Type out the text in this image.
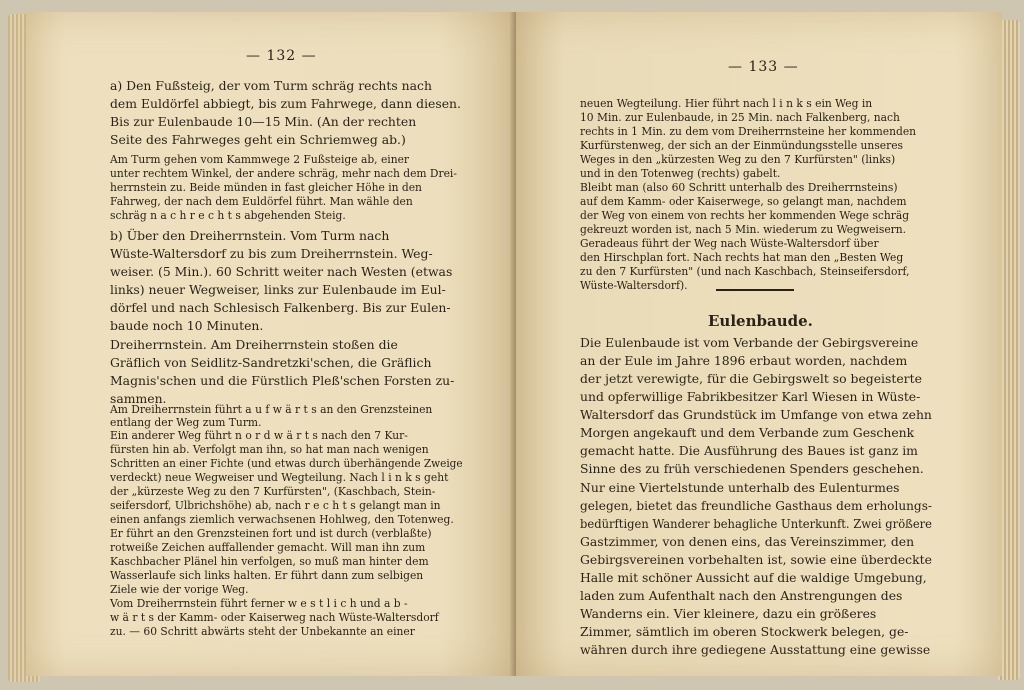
— 132 —
a) Den Fußsteig, der vom Turm schräg rechts nach
dem Euldörfel abbiegt, bis zum Fahrwege, dann diesen.
Bis zur Eulenbaude 10—15 Min. (An der rechten
Seite des Fahrweges geht ein Schriemweg ab.)
Am Turm gehen vom Kammwege 2 Fußsteige ab, einer
unter rechtem Winkel, der andere schräg, mehr nach dem Drei-
herrnstein zu. Beide münden in fast gleicher Höhe in den
Fahrweg, der nach dem Euldörfel führt. Man wähle den
schräg n a c h r e c h t s abgehenden Steig.
b) Über den Dreiherrnstein. Vom Turm nach
Wüste-Waltersdorf zu bis zum Dreiherrnstein. Weg-
weiser. (5 Min.). 60 Schritt weiter nach Westen (etwas
links) neuer Wegweiser, links zur Eulenbaude im Eul-
dörfel und nach Schlesisch Falkenberg. Bis zur Eulen-
baude noch 10 Minuten.
Dreiherrnstein. Am Dreiherrnstein stoßen die
Gräflich von Seidlitz-Sandretzki'schen, die Gräflich
Magnis'schen und die Fürstlich Pleß'schen Forsten zu-
sammen.
Am Dreiherrnstein führt a u f w ä r t s an den Grenzsteinen
entlang der Weg zum Turm.
Ein anderer Weg führt n o r d w ä r t s nach den 7 Kur-
fürsten hin ab. Verfolgt man ihn, so hat man nach wenigen
Schritten an einer Fichte (und etwas durch überhängende Zweige
verdeckt) neue Wegweiser und Wegteilung. Nach l i n k s geht
der „kürzeste Weg zu den 7 Kurfürsten", (Kaschbach, Stein-
seifersdorf, Ulbrichshöhe) ab, nach r e c h t s gelangt man in
einen anfangs ziemlich verwachsenen Hohlweg, den Totenweg.
Er führt an den Grenzsteinen fort und ist durch (verblaßte)
rotweiße Zeichen auffallender gemacht. Will man ihn zum
Kaschbacher Plänel hin verfolgen, so muß man hinter dem
Wasserlaufe sich links halten. Er führt dann zum selbigen
Ziele wie der vorige Weg.
Vom Dreiherrnstein führt ferner w e s t l i c h und a b -
w ä r t s der Kamm- oder Kaiserweg nach Wüste-Waltersdorf
zu. — 60 Schritt abwärts steht der Unbekannte an einer
— 133 —
Eulenbaude.
neuen Wegteilung. Hier führt nach l i n k s ein Weg in
10 Min. zur Eulenbaude, in 25 Min. nach Falkenberg, nach
rechts in 1 Min. zu dem vom Dreiherrnsteine her kommenden
Kurfürstenweg, der sich an der Einmündungsstelle unseres
Weges in den „kürzesten Weg zu den 7 Kurfürsten" (links)
und in den Totenweg (rechts) gabelt.
Bleibt man (also 60 Schritt unterhalb des Dreiherrnsteins)
auf dem Kamm- oder Kaiserwege, so gelangt man, nachdem
der Weg von einem von rechts her kommenden Wege schräg
gekreuzt worden ist, nach 5 Min. wiederum zu Wegweisern.
Geradeaus führt der Weg nach Wüste-Waltersdorf über
den Hirschplan fort. Nach rechts hat man den „Besten Weg
zu den 7 Kurfürsten" (und nach Kaschbach, Steinseifersdorf,
Wüste-Waltersdorf).
Die Eulenbaude ist vom Verbande der Gebirgsvereine
an der Eule im Jahre 1896 erbaut worden, nachdem
der jetzt verewigte, für die Gebirgswelt so begeisterte
und opferwillige Fabrikbesitzer Karl Wiesen in Wüste-
Waltersdorf das Grundstück im Umfange von etwa zehn
Morgen angekauft und dem Verbande zum Geschenk
gemacht hatte. Die Ausführung des Baues ist ganz im
Sinne des zu früh verschiedenen Spenders geschehen.
Nur eine Viertelstunde unterhalb des Eulenturmes
gelegen, bietet das freundliche Gasthaus dem erholungs-
bedürftigen Wanderer behagliche Unterkunft. Zwei größere
Gastzimmer, von denen eins, das Vereinszimmer, den
Gebirgsvereinen vorbehalten ist, sowie eine überdeckte
Halle mit schöner Aussicht auf die waldige Umgebung,
laden zum Aufenthalt nach den Anstrengungen des
Wanderns ein. Vier kleinere, dazu ein größeres
Zimmer, sämtlich im oberen Stockwerk belegen, ge-
währen durch ihre gediegene Ausstattung eine gewisse
